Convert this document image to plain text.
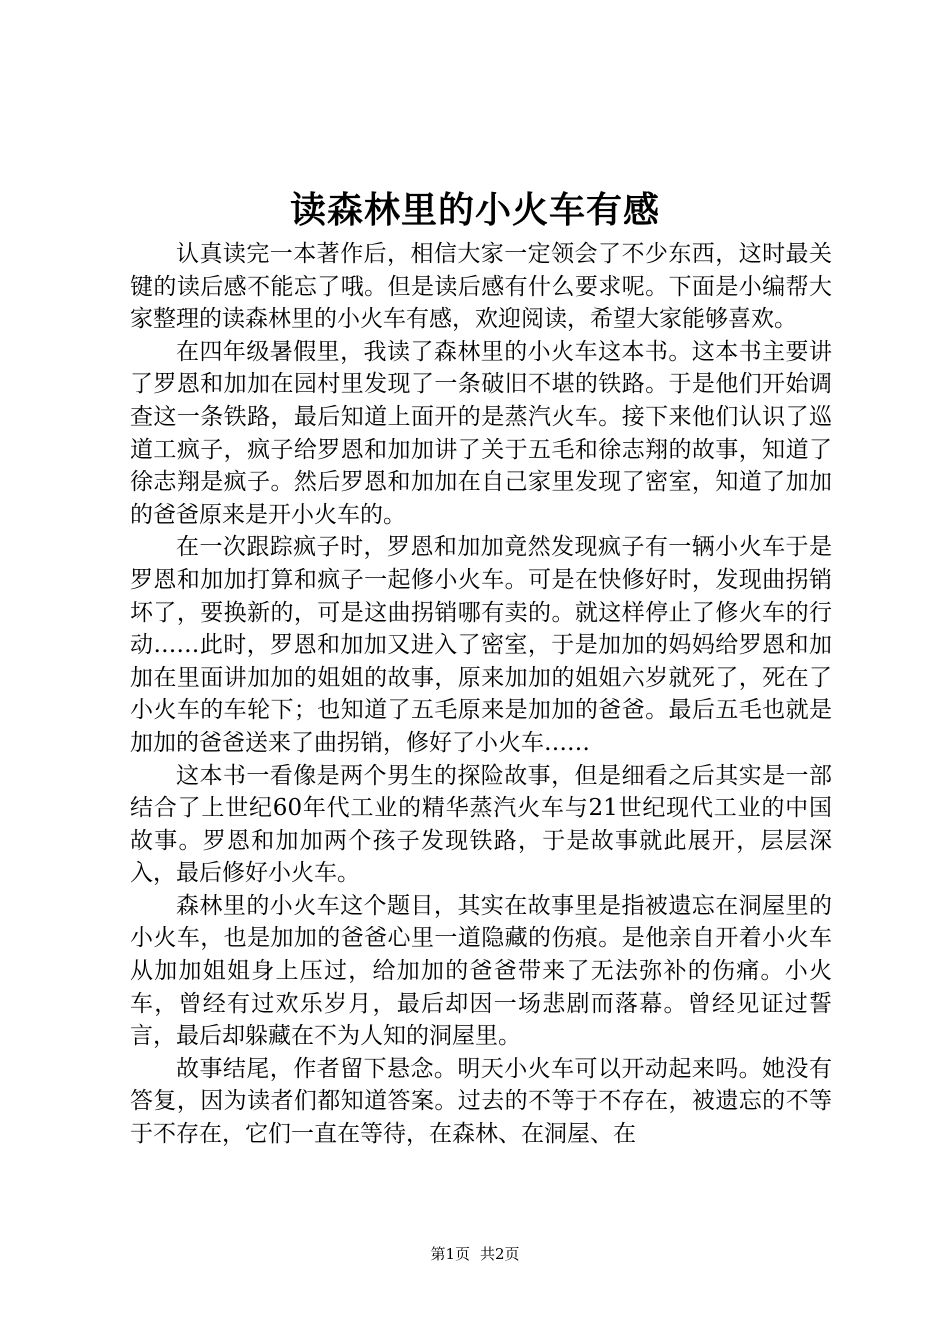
读森林里的小火车有感

认真读完一本著作后，相信大家一定领会了不少东西，这时最关键的读后感不能忘了哦。但是读后感有什么要求呢。下面是小编帮大家整理的读森林里的小火车有感，欢迎阅读，希望大家能够喜欢。

在四年级暑假里，我读了森林里的小火车这本书。这本书主要讲了罗恩和加加在园村里发现了一条破旧不堪的铁路。于是他们开始调查这一条铁路，最后知道上面开的是蒸汽火车。接下来他们认识了巡道工疯子，疯子给罗恩和加加讲了关于五毛和徐志翔的故事，知道了徐志翔是疯子。然后罗恩和加加在自己家里发现了密室，知道了加加的爸爸原来是开小火车的。

在一次跟踪疯子时，罗恩和加加竟然发现疯子有一辆小火车于是罗恩和加加打算和疯子一起修小火车。可是在快修好时，发现曲拐销坏了，要换新的，可是这曲拐销哪有卖的。就这样停止了修火车的行动……此时，罗恩和加加又进入了密室，于是加加的妈妈给罗恩和加加在里面讲加加的姐姐的故事，原来加加的姐姐六岁就死了，死在了小火车的车轮下；也知道了五毛原来是加加的爸爸。最后五毛也就是加加的爸爸送来了曲拐销，修好了小火车……

这本书一看像是两个男生的探险故事，但是细看之后其实是一部结合了上世纪60年代工业的精华蒸汽火车与21世纪现代工业的中国故事。罗恩和加加两个孩子发现铁路，于是故事就此展开，层层深入，最后修好小火车。

森林里的小火车这个题目，其实在故事里是指被遗忘在洞屋里的小火车，也是加加的爸爸心里一道隐藏的伤痕。是他亲自开着小火车从加加姐姐身上压过，给加加的爸爸带来了无法弥补的伤痛。小火车，曾经有过欢乐岁月，最后却因一场悲剧而落幕。曾经见证过誓言，最后却躲藏在不为人知的洞屋里。

故事结尾，作者留下悬念。明天小火车可以开动起来吗。她没有答复，因为读者们都知道答案。过去的不等于不存在，被遗忘的不等于不存在，它们一直在等待，在森林、在洞屋、在

第1页 共2页
